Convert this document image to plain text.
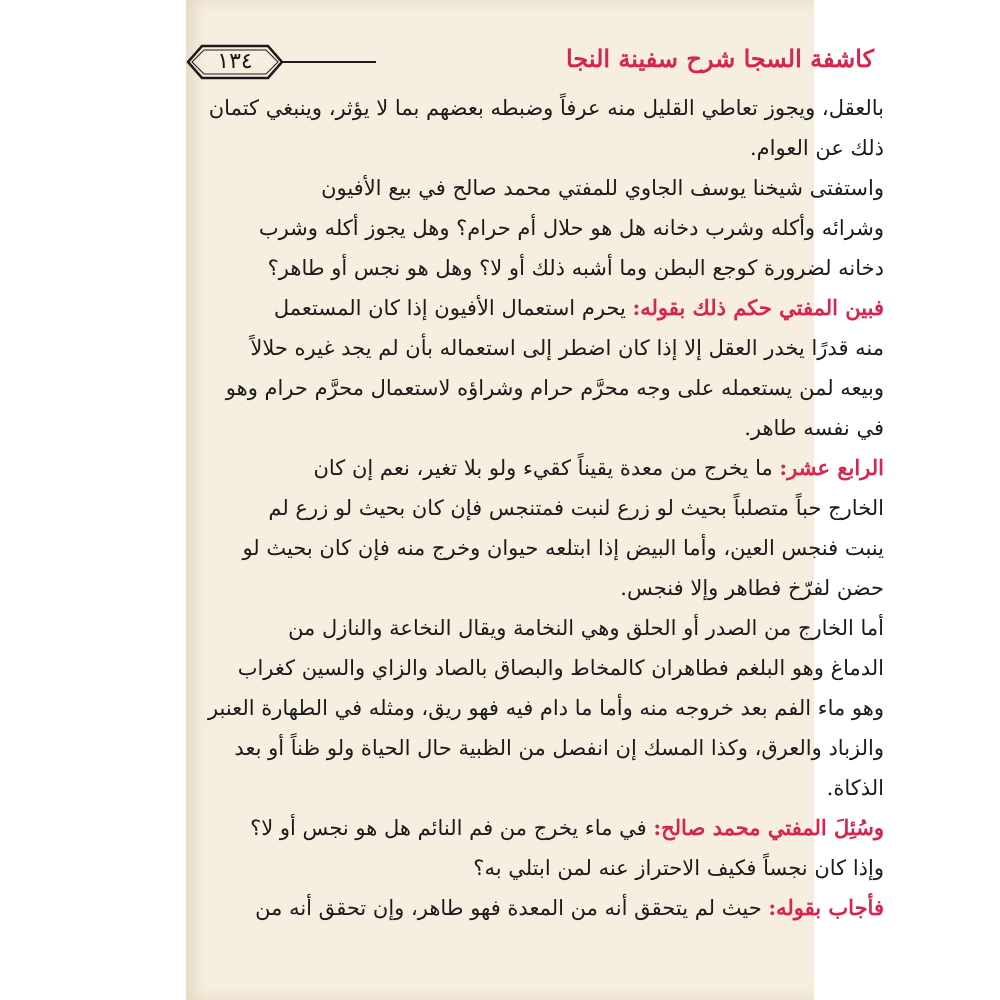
١٣٤	كاشفة السجا شرح سفينة النجا
بالعقل، ويجوز تعاطي القليل منه عرفاً وضبطه بعضهم بما لا يؤثر، وينبغي كتمان
ذلك عن العوام.
واستفتى شيخنا يوسف الجاوي للمفتي محمد صالح في بيع الأفيون
وشرائه وأكله وشرب دخانه هل هو حلال أم حرام؟ وهل يجوز أكله وشرب
دخانه لضرورة كوجع البطن وما أشبه ذلك أو لا؟ وهل هو نجس أو طاهر؟
فبين المفتي حكم ذلك بقوله: يحرم استعمال الأفيون إذا كان المستعمل
منه قدرًا يخدر العقل إلا إذا كان اضطر إلى استعماله بأن لم يجد غيره حلالاً
وبيعه لمن يستعمله على وجه محرَّم حرام وشراؤه لاستعمال محرَّم حرام وهو
في نفسه طاهر.
الرابع عشر: ما يخرج من معدة يقيناً كقيء ولو بلا تغير، نعم إن كان
الخارج حباً متصلباً بحيث لو زرع لنبت فمتنجس فإن كان بحيث لو زرع لم
ينبت فنجس العين، وأما البيض إذا ابتلعه حيوان وخرج منه فإن كان بحيث لو
حضن لفرّخ فطاهر وإلا فنجس.
أما الخارج من الصدر أو الحلق وهي النخامة ويقال النخاعة والنازل من
الدماغ وهو البلغم فطاهران كالمخاط والبصاق بالصاد والزاي والسين كغراب
وهو ماء الفم بعد خروجه منه وأما ما دام فيه فهو ريق، ومثله في الطهارة العنبر
والزباد والعرق، وكذا المسك إن انفصل من الظبية حال الحياة ولو ظناً أو بعد
الذكاة.
وسُئِلَ المفتي محمد صالح: في ماء يخرج من فم النائم هل هو نجس أو لا؟
وإذا كان نجساً فكيف الاحتراز عنه لمن ابتلي به؟
فأجاب بقوله: حيث لم يتحقق أنه من المعدة فهو طاهر، وإن تحقق أنه من
